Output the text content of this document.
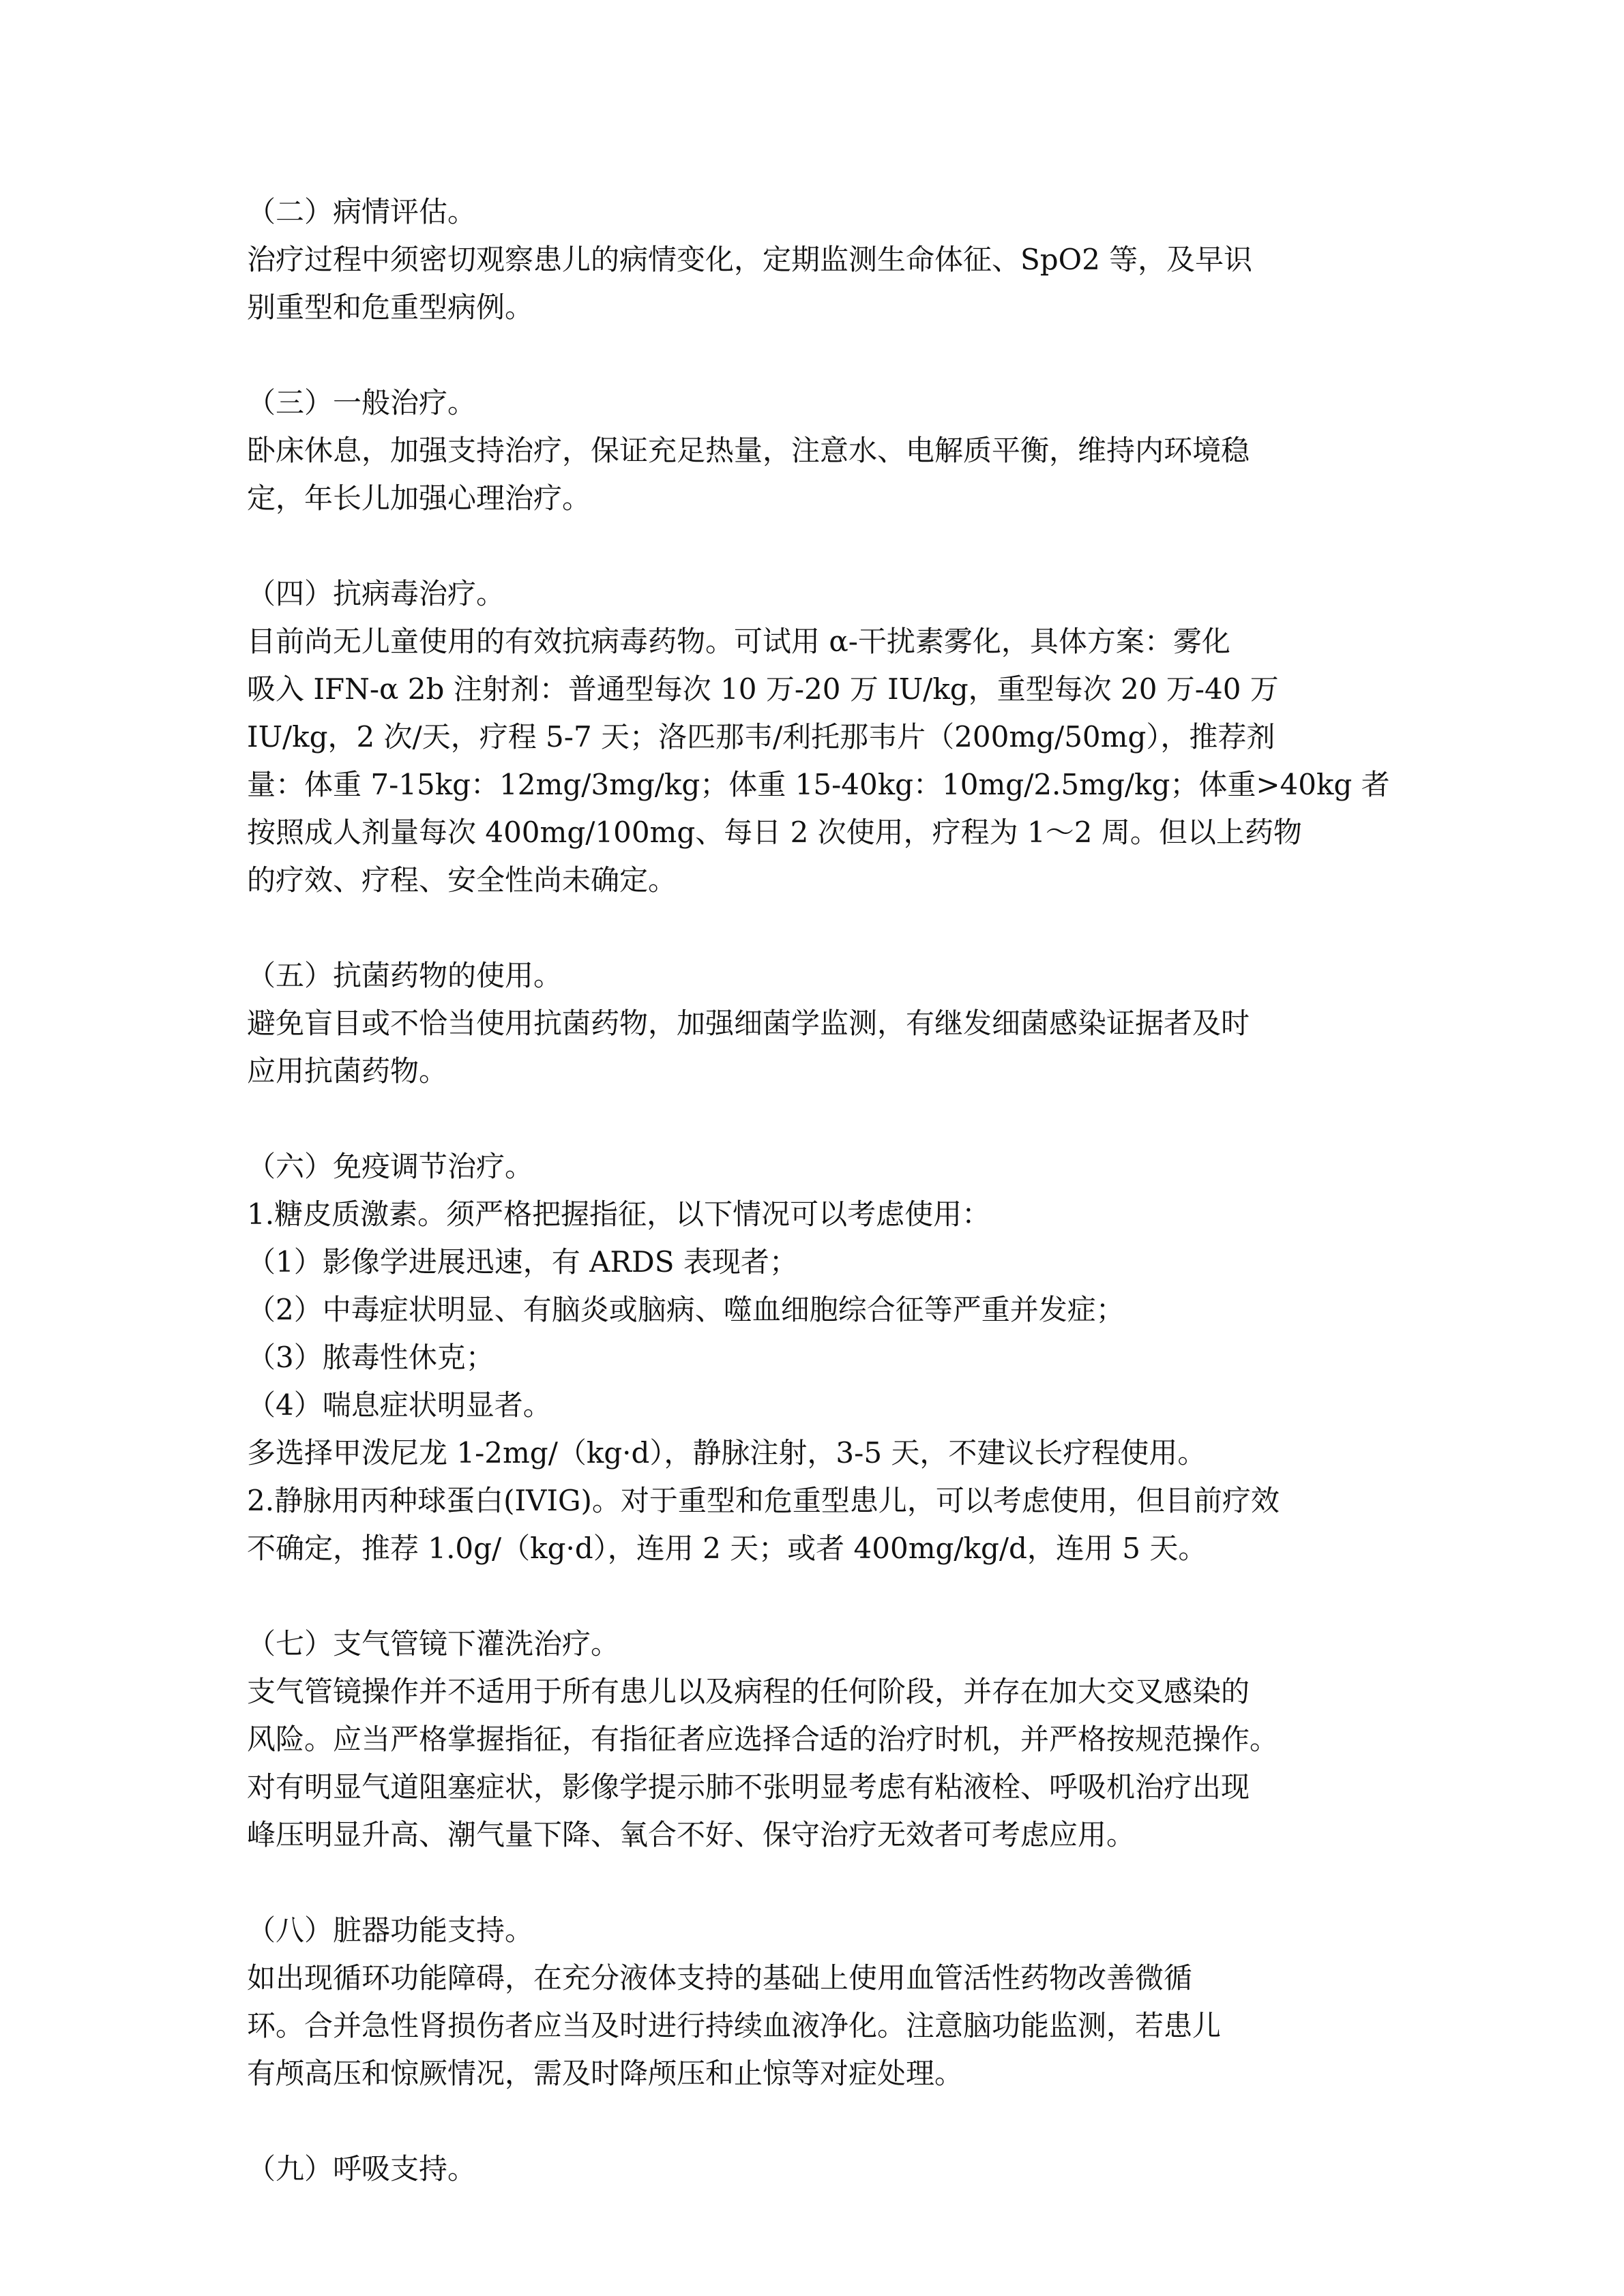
（二）病情评估。
治疗过程中须密切观察患儿的病情变化，定期监测生命体征、SpO2 等，及早识
别重型和危重型病例。
（三）一般治疗。
卧床休息，加强支持治疗，保证充足热量，注意水、电解质平衡，维持内环境稳
定，年长儿加强心理治疗。
（四）抗病毒治疗。
目前尚无儿童使用的有效抗病毒药物。可试用 α-干扰素雾化，具体方案：雾化
吸入 IFN-α 2b 注射剂：普通型每次 10 万-20 万 IU/kg，重型每次 20 万-40 万
IU/kg，2 次/天，疗程 5-7 天；洛匹那韦/利托那韦片（200mg/50mg），推荐剂
量：体重 7-15kg：12mg/3mg/kg；体重 15-40kg：10mg/2.5mg/kg；体重>40kg 者
按照成人剂量每次 400mg/100mg、每日 2 次使用，疗程为 1～2 周。但以上药物
的疗效、疗程、安全性尚未确定。
（五）抗菌药物的使用。
避免盲目或不恰当使用抗菌药物，加强细菌学监测，有继发细菌感染证据者及时
应用抗菌药物。
（六）免疫调节治疗。
1.糖皮质激素。须严格把握指征，以下情况可以考虑使用：
（1）影像学进展迅速，有 ARDS 表现者；
（2）中毒症状明显、有脑炎或脑病、噬血细胞综合征等严重并发症；
（3）脓毒性休克；
（4）喘息症状明显者。
多选择甲泼尼龙 1-2mg/（kg·d），静脉注射，3-5 天，不建议长疗程使用。
2.静脉用丙种球蛋白(IVIG)。对于重型和危重型患儿，可以考虑使用，但目前疗效
不确定，推荐 1.0g/（kg·d），连用 2 天；或者 400mg/kg/d，连用 5 天。
（七）支气管镜下灌洗治疗。
支气管镜操作并不适用于所有患儿以及病程的任何阶段，并存在加大交叉感染的
风险。应当严格掌握指征，有指征者应选择合适的治疗时机，并严格按规范操作。
对有明显气道阻塞症状，影像学提示肺不张明显考虑有粘液栓、呼吸机治疗出现
峰压明显升高、潮气量下降、氧合不好、保守治疗无效者可考虑应用。
（八）脏器功能支持。
如出现循环功能障碍，在充分液体支持的基础上使用血管活性药物改善微循
环。合并急性肾损伤者应当及时进行持续血液净化。注意脑功能监测，若患儿
有颅高压和惊厥情况，需及时降颅压和止惊等对症处理。
（九）呼吸支持。
